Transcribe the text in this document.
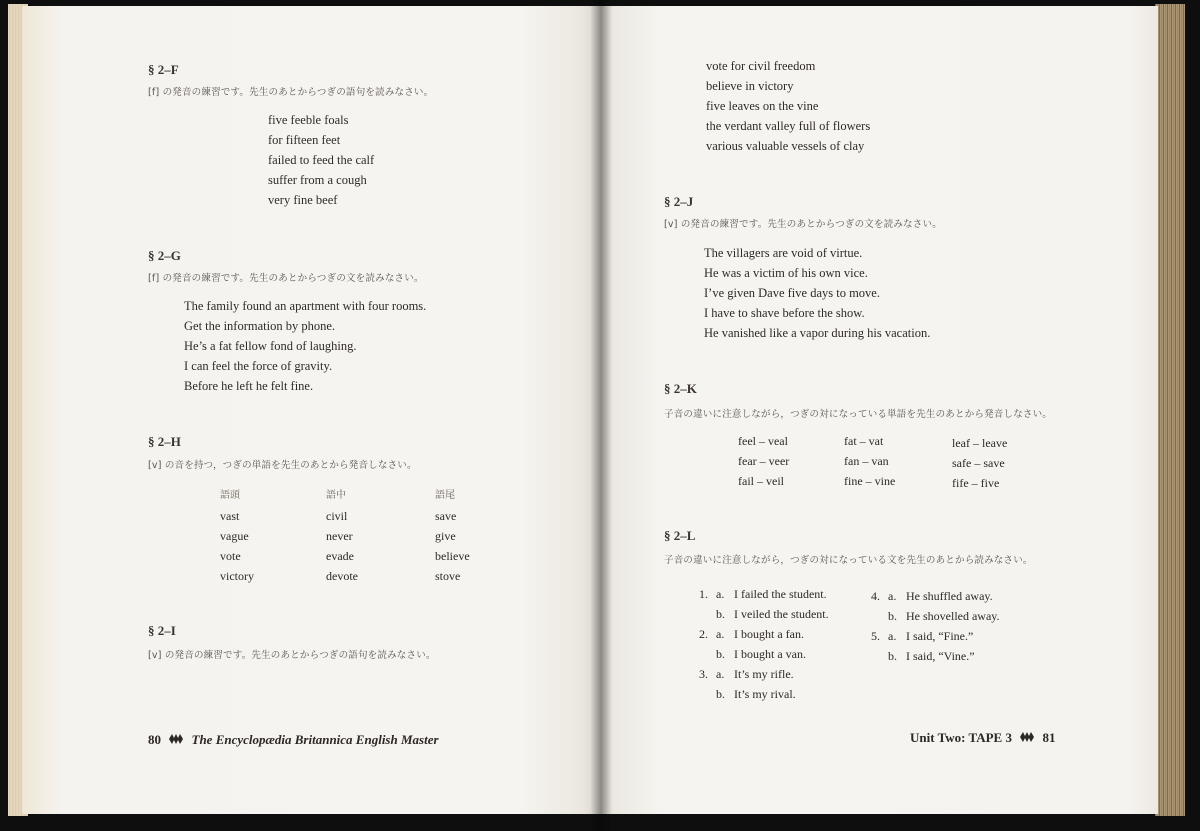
§ 2–F
[f] の発音の練習です。先生のあとからつぎの語句を読みなさい。
five feeble foals
for fifteen feet
failed to feed the calf
suffer from a cough
very fine beef
§ 2–G
[f] の発音の練習です。先生のあとからつぎの文を読みなさい。
The family found an apartment with four rooms.
Get the information by phone.
He’s a fat fellow fond of laughing.
I can feel the force of gravity.
Before he left he felt fine.
§ 2–H
[v] の音を持つ，つぎの単語を先生のあとから発音しなさい。
語頭
vast
vague
vote
victory
語中
civil
never
evade
devote
語尾
save
give
believe
stove
§ 2–I
[v] の発音の練習です。先生のあとからつぎの語句を読みなさい。
80 The Encyclopædia Britannica English Master
vote for civil freedom
believe in victory
five leaves on the vine
the verdant valley full of flowers
various valuable vessels of clay
§ 2–J
[v] の発音の練習です。先生のあとからつぎの文を読みなさい。
The villagers are void of virtue.
He was a victim of his own vice.
I’ve given Dave five days to move.
I have to shave before the show.
He vanished like a vapor during his vacation.
§ 2–K
子音の違いに注意しながら，つぎの対になっている単語を先生のあとから発音しなさい。
feel – veal
fear – veer
fail – veil
fat – vat
fan – van
fine – vine
leaf – leave
safe – save
fife – five
§ 2–L
子音の違いに注意しながら，つぎの対になっている文を先生のあとから読みなさい。
1. a. I failed the student.
b. I veiled the student.
2. a. I bought a fan.
b. I bought a van.
3. a. It’s my rifle.
b. It’s my rival.
4. a. He shuffled away.
b. He shovelled away.
5. a. I said, “Fine.”
b. I said, “Vine.”
Unit Two: TAPE 3 81
